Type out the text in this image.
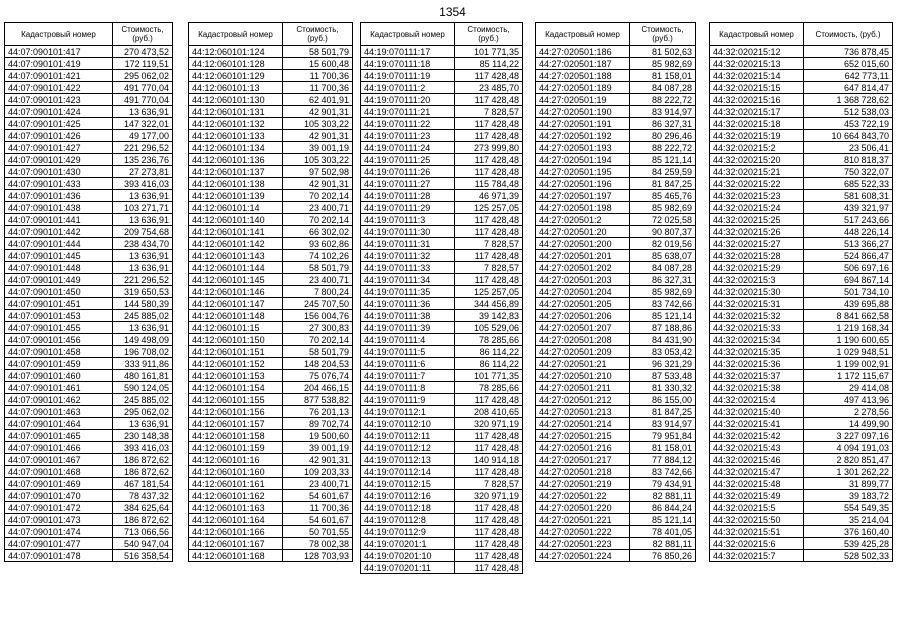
1354
Кадастровый номер	Стоимость, (руб.)
44:07:090101:417	270 473,52
44:07:090101:419	172 119,51
44:07:090101:421	295 062,02
44:07:090101:422	491 770,04
44:07:090101:423	491 770,04
44:07:090101:424	13 636,91
44:07:090101:425	147 322,01
44:07:090101:426	49 177,00
44:07:090101:427	221 296,52
44:07:090101:429	135 236,76
44:07:090101:430	27 273,81
44:07:090101:433	393 416,03
44:07:090101:436	13 636,91
44:07:090101:438	103 271,71
44:07:090101:441	13 636,91
44:07:090101:442	209 754,68
44:07:090101:444	238 434,70
44:07:090101:445	13 636,91
44:07:090101:448	13 636,91
44:07:090101:449	221 296,52
44:07:090101:450	319 650,53
44:07:090101:451	144 580,39
44:07:090101:453	245 885,02
44:07:090101:455	13 636,91
44:07:090101:456	149 498,09
44:07:090101:458	196 708,02
44:07:090101:459	333 911,86
44:07:090101:460	480 161,81
44:07:090101:461	590 124,05
44:07:090101:462	245 885,02
44:07:090101:463	295 062,02
44:07:090101:464	13 636,91
44:07:090101:465	230 148,38
44:07:090101:466	393 416,03
44:07:090101:467	186 872,62
44:07:090101:468	186 872,62
44:07:090101:469	467 181,54
44:07:090101:470	78 437,32
44:07:090101:472	384 625,64
44:07:090101:473	186 872,62
44:07:090101:474	713 066,56
44:07:090101:477	540 947,04
44:07:090101:478	516 358,54
Кадастровый номер	Стоимость, (руб.)
44:12:060101:124	58 501,79
44:12:060101:128	15 600,48
44:12:060101:129	11 700,36
44:12:060101:13	11 700,36
44:12:060101:130	62 401,91
44:12:060101:131	42 901,31
44:12:060101:132	105 303,22
44:12:060101:133	42 901,31
44:12:060101:134	39 001,19
44:12:060101:136	105 303,22
44:12:060101:137	97 502,98
44:12:060101:138	42 901,31
44:12:060101:139	70 202,14
44:12:060101:14	23 400,71
44:12:060101:140	70 202,14
44:12:060101:141	66 302,02
44:12:060101:142	93 602,86
44:12:060101:143	74 102,26
44:12:060101:144	58 501,79
44:12:060101:145	23 400,71
44:12:060101:146	7 800,24
44:12:060101:147	245 707,50
44:12:060101:148	156 004,76
44:12:060101:15	27 300,83
44:12:060101:150	70 202,14
44:12:060101:151	58 501,79
44:12:060101:152	148 204,53
44:12:060101:153	75 076,74
44:12:060101:154	204 466,15
44:12:060101:155	877 538,82
44:12:060101:156	76 201,13
44:12:060101:157	89 702,74
44:12:060101:158	19 500,60
44:12:060101:159	39 001,19
44:12:060101:16	42 901,31
44:12:060101:160	109 203,33
44:12:060101:161	23 400,71
44:12:060101:162	54 601,67
44:12:060101:163	11 700,36
44:12:060101:164	54 601,67
44:12:060101:166	50 701,55
44:12:060101:167	78 002,38
44:12:060101:168	128 703,93
Кадастровый номер	Стоимость, (руб.)
44:19:070111:17	101 771,35
44:19:070111:18	85 114,22
44:19:070111:19	117 428,48
44:19:070111:2	23 485,70
44:19:070111:20	117 428,48
44:19:070111:21	7 828,57
44:19:070111:22	117 428,48
44:19:070111:23	117 428,48
44:19:070111:24	273 999,80
44:19:070111:25	117 428,48
44:19:070111:26	117 428,48
44:19:070111:27	115 784,48
44:19:070111:28	46 971,39
44:19:070111:29	125 257,05
44:19:070111:3	117 428,48
44:19:070111:30	117 428,48
44:19:070111:31	7 828,57
44:19:070111:32	117 428,48
44:19:070111:33	7 828,57
44:19:070111:34	117 428,48
44:19:070111:35	125 257,05
44:19:070111:36	344 456,89
44:19:070111:38	39 142,83
44:19:070111:39	105 529,06
44:19:070111:4	78 285,66
44:19:070111:5	86 114,22
44:19:070111:6	86 114,22
44:19:070111:7	101 771,35
44:19:070111:8	78 285,66
44:19:070111:9	117 428,48
44:19:070112:1	208 410,65
44:19:070112:10	320 971,19
44:19:070112:11	117 428,48
44:19:070112:12	117 428,48
44:19:070112:13	140 914,18
44:19:070112:14	117 428,48
44:19:070112:15	7 828,57
44:19:070112:16	320 971,19
44:19:070112:18	117 428,48
44:19:070112:8	117 428,48
44:19:070112:9	117 428,48
44:19:070201:1	117 428,48
44:19:070201:10	117 428,48
44:19:070201:11	117 428,48
Кадастровый номер	Стоимость, (руб.)
44:27:020501:186	81 502,63
44:27:020501:187	85 982,69
44:27:020501:188	81 158,01
44:27:020501:189	84 087,28
44:27:020501:19	88 222,72
44:27:020501:190	83 914,97
44:27:020501:191	86 327,31
44:27:020501:192	80 296,46
44:27:020501:193	88 222,72
44:27:020501:194	85 121,14
44:27:020501:195	84 259,59
44:27:020501:196	81 847,25
44:27:020501:197	85 465,76
44:27:020501:198	85 982,69
44:27:020501:2	72 025,58
44:27:020501:20	90 807,37
44:27:020501:200	82 019,56
44:27:020501:201	85 638,07
44:27:020501:202	84 087,28
44:27:020501:203	86 327,31
44:27:020501:204	85 982,69
44:27:020501:205	83 742,66
44:27:020501:206	85 121,14
44:27:020501:207	87 188,86
44:27:020501:208	84 431,90
44:27:020501:209	83 053,42
44:27:020501:21	96 321,29
44:27:020501:210	87 533,48
44:27:020501:211	81 330,32
44:27:020501:212	86 155,00
44:27:020501:213	81 847,25
44:27:020501:214	83 914,97
44:27:020501:215	79 951,84
44:27:020501:216	81 158,01
44:27:020501:217	77 884,12
44:27:020501:218	83 742,66
44:27:020501:219	79 434,91
44:27:020501:22	82 881,11
44:27:020501:220	86 844,24
44:27:020501:221	85 121,14
44:27:020501:222	78 401,05
44:27:020501:223	82 881,11
44:27:020501:224	76 850,26
Кадастровый номер	Стоимость, (руб.)
44:32:020215:12	736 878,45
44:32:020215:13	652 015,60
44:32:020215:14	642 773,11
44:32:020215:15	647 814,47
44:32:020215:16	1 368 728,62
44:32:020215:17	512 538,03
44:32:020215:18	453 722,19
44:32:020215:19	10 664 843,70
44:32:020215:2	23 506,41
44:32:020215:20	810 818,37
44:32:020215:21	750 322,07
44:32:020215:22	685 522,33
44:32:020215:23	581 608,31
44:32:020215:24	439 321,97
44:32:020215:25	517 243,66
44:32:020215:26	448 226,14
44:32:020215:27	513 366,27
44:32:020215:28	524 866,47
44:32:020215:29	506 697,16
44:32:020215:3	694 867,14
44:32:020215:30	501 734,10
44:32:020215:31	439 695,88
44:32:020215:32	8 841 662,58
44:32:020215:33	1 219 168,34
44:32:020215:34	1 190 600,65
44:32:020215:35	1 029 948,51
44:32:020215:36	1 199 002,91
44:32:020215:37	1 172 115,67
44:32:020215:38	29 414,08
44:32:020215:4	497 413,96
44:32:020215:40	2 278,56
44:32:020215:41	14 499,90
44:32:020215:42	3 227 097,16
44:32:020215:43	4 094 191,03
44:32:020215:46	2 820 851,47
44:32:020215:47	1 301 262,22
44:32:020215:48	31 899,77
44:32:020215:49	39 183,72
44:32:020215:5	554 549,35
44:32:020215:50	35 214,04
44:32:020215:51	376 160,40
44:32:020215:6	539 425,28
44:32:020215:7	528 502,33
